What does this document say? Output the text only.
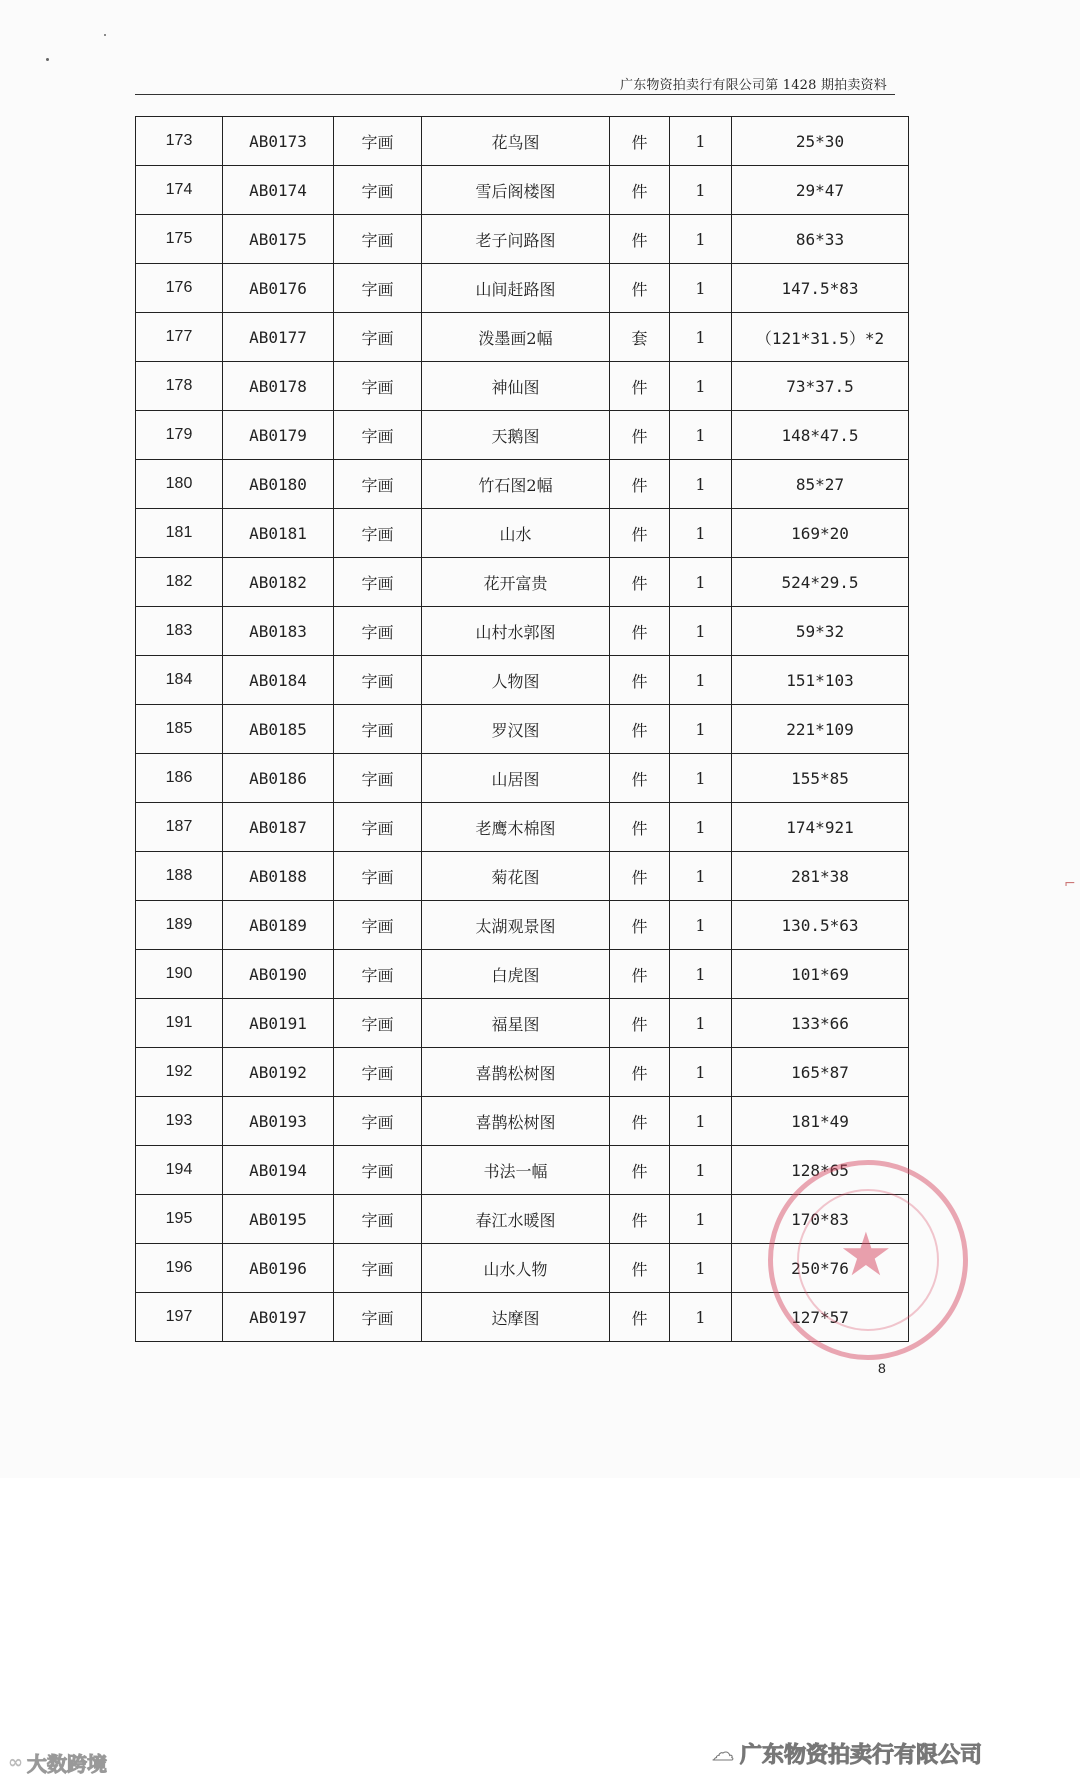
广东物资拍卖行有限公司第 1428 期拍卖资料
173	AB0173	字画	花鸟图	件	1	25*30
174	AB0174	字画	雪后阁楼图	件	1	29*47
175	AB0175	字画	老子问路图	件	1	86*33
176	AB0176	字画	山间赶路图	件	1	147.5*83
177	AB0177	字画	泼墨画2幅	套	1	（121*31.5）*2
178	AB0178	字画	神仙图	件	1	73*37.5
179	AB0179	字画	天鹅图	件	1	148*47.5
180	AB0180	字画	竹石图2幅	件	1	85*27
181	AB0181	字画	山水	件	1	169*20
182	AB0182	字画	花开富贵	件	1	524*29.5
183	AB0183	字画	山村水郭图	件	1	59*32
184	AB0184	字画	人物图	件	1	151*103
185	AB0185	字画	罗汉图	件	1	221*109
186	AB0186	字画	山居图	件	1	155*85
187	AB0187	字画	老鹰木棉图	件	1	174*921
188	AB0188	字画	菊花图	件	1	281*38
189	AB0189	字画	太湖观景图	件	1	130.5*63
190	AB0190	字画	白虎图	件	1	101*69
191	AB0191	字画	福星图	件	1	133*66
192	AB0192	字画	喜鹊松树图	件	1	165*87
193	AB0193	字画	喜鹊松树图	件	1	181*49
194	AB0194	字画	书法一幅	件	1	128*65
195	AB0195	字画	春江水暖图	件	1	170*83
196	AB0196	字画	山水人物	件	1	250*76
197	AB0197	字画	达摩图	件	1	127*57
★
⌐
8
∞ 大数跨境	☁ 广东物资拍卖行有限公司
